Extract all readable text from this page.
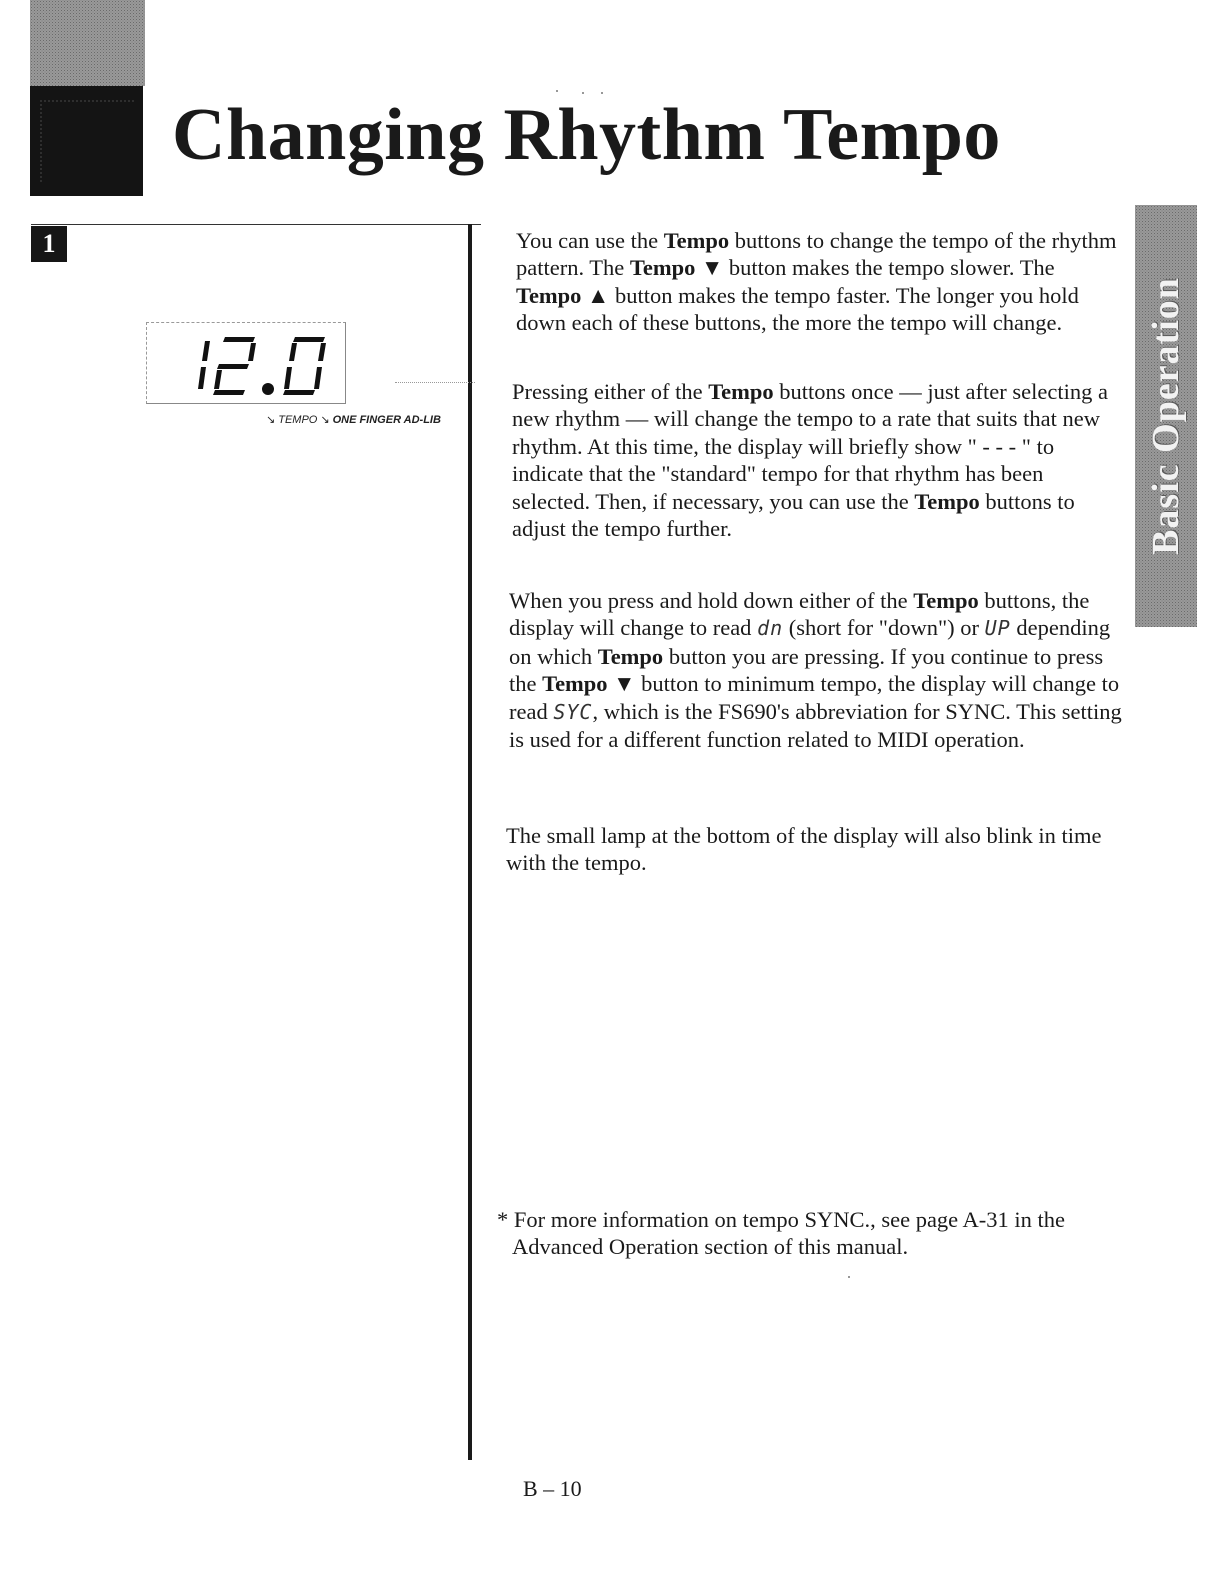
Changing Rhythm Tempo
1
↘ TEMPO ↘ ONE FINGER AD-LIB

You can use the Tempo buttons to change the tempo of the rhythm pattern. The Tempo ▼ button makes the tempo slower. The Tempo ▲ button makes the tempo faster. The longer you hold down each of these buttons, the more the tempo will change.

Pressing either of the Tempo buttons once — just after selecting a new rhythm — will change the tempo to a rate that suits that new rhythm. At this time, the display will briefly show " - - - " to indicate that the "standard" tempo for that rhythm has been selected. Then, if necessary, you can use the Tempo buttons to adjust the tempo further.

When you press and hold down either of the Tempo buttons, the display will change to read dn (short for "down") or UP depending on which Tempo button you are pressing. If you continue to press the Tempo ▼ button to minimum tempo, the display will change to read SYC, which is the FS690's abbreviation for SYNC. This setting is used for a different function related to MIDI operation.

The small lamp at the bottom of the display will also blink in time with the tempo.

* For more information on tempo SYNC., see page A-31 in the Advanced Operation section of this manual.

Basic Operation
B – 10
